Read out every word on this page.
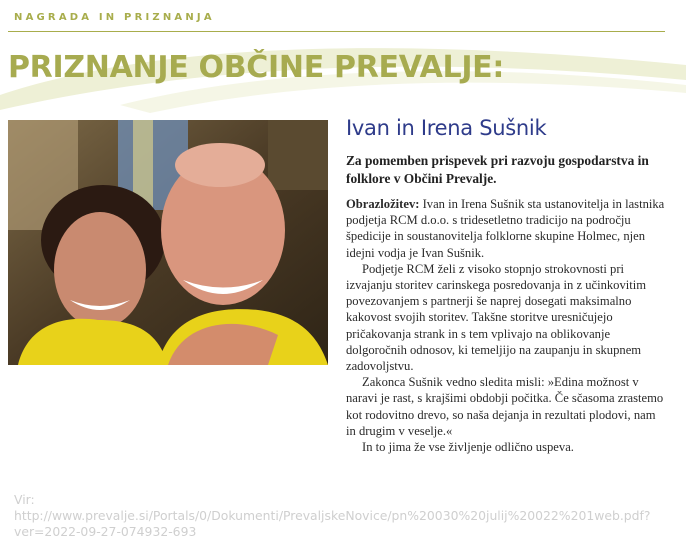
NAGRADA IN PRIZNANJA
PRIZNANJE OBČINE PREVALJE:
Ivan in Irena Sušnik
Za pomemben prispevek pri razvoju gospodarstva in folklore v Občini Prevalje.

Obrazložitev: Ivan in Irena Sušnik sta ustanovitelja in lastnika podjetja RCM d.o.o. s tridesetletno tradicijo na področju špedicije in soustanovitelja folklorne skupine Holmec, njen idejni vodja je Ivan Sušnik.

Podjetje RCM želi z visoko stopnjo strokovnosti pri izvajanju storitev carinskega posredovanja in z učinkovitim povezovanjem s partnerji še naprej dosegati maksimalno kakovost svojih storitev. Takšne storitve uresničujejo pričakovanja strank in s tem vplivajo na oblikovanje dolgoročnih odnosov, ki temeljijo na zaupanju in skupnem zadovoljstvu.

Zakonca Sušnik vedno sledita misli: »Edina možnost v naravi je rast, s krajšimi obdobji počitka. Če sčasoma zrastemo kot rodovitno drevo, so naša dejanja in rezultati plodovi, nam in drugim v veselje.«

In to jima že vse življenje odlično uspeva.

Vir: http://www.prevalje.si/Portals/0/Dokumenti/PrevaljskeNovice/pn%20030%20julij%20022%201web.pdf?ver=2022-09-27-074932-693
